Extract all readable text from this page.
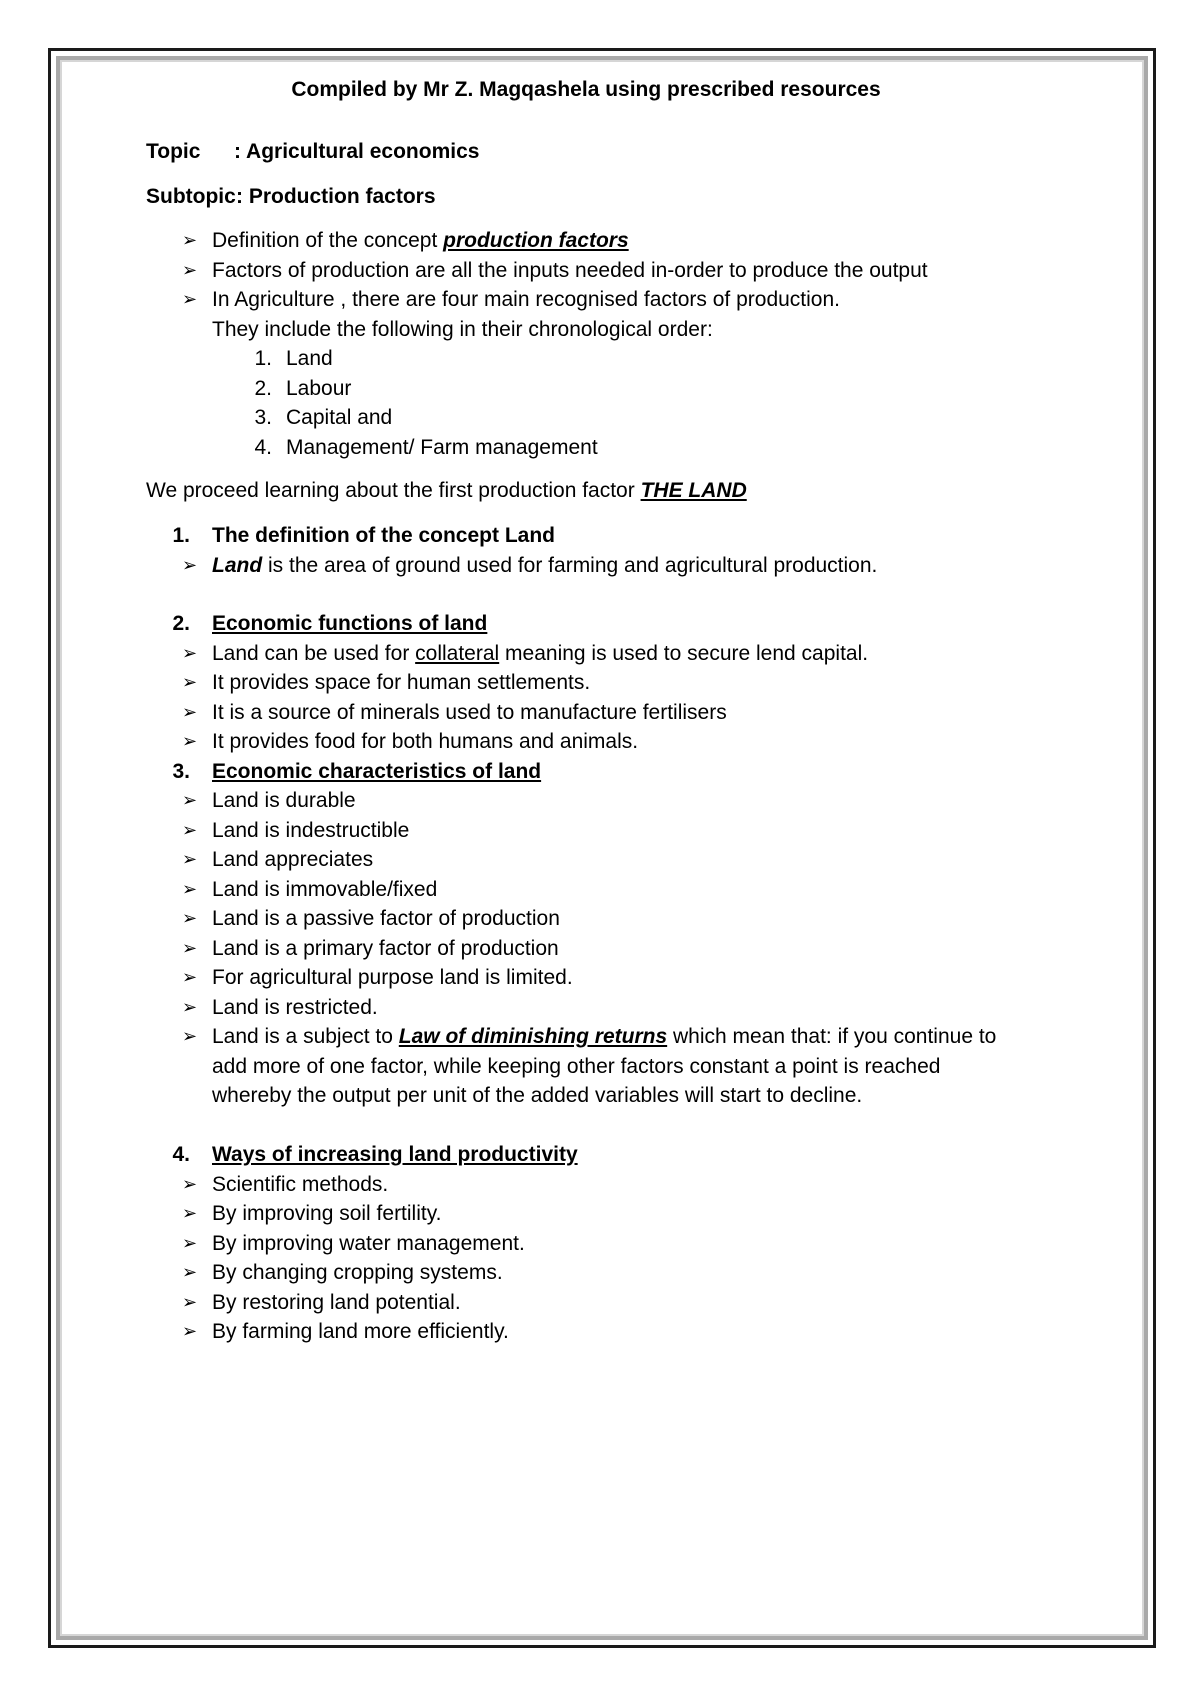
Compiled by Mr Z. Magqashela using prescribed resources
Topic : Agricultural economics
Subtopic : Production factors
We proceed learning about the first production factor THE LAND
➢ Definition of the concept production factors
➢ Factors of production are all the inputs needed in-order to produce the output
➢ In Agriculture , there are four main recognised factors of production.
They include the following in their chronological order:
1. Land
2. Labour
3. Capital and
4. Management/ Farm management
1. The definition of the concept Land
➢ Land is the area of ground used for farming and agricultural production.
2. Economic functions of land
➢ Land can be used for collateral meaning is used to secure lend capital.
➢ It provides space for human settlements.
➢ It is a source of minerals used to manufacture fertilisers
➢ It provides food for both humans and animals.
3. Economic characteristics of land
➢ Land is durable
➢ Land is indestructible
➢ Land appreciates
➢ Land is immovable/fixed
➢ Land is a passive factor of production
➢ Land is a primary factor of production
➢ For agricultural purpose land is limited.
➢ Land is restricted.
➢ Land is a subject to Law of diminishing returns which mean that: if you continue to
add more of one factor, while keeping other factors constant a point is reached
whereby the output per unit of the added variables will start to decline.
4. Ways of increasing land productivity
➢ Scientific methods.
➢ By improving soil fertility.
➢ By improving water management.
➢ By changing cropping systems.
➢ By restoring land potential.
➢ By farming land more efficiently.
